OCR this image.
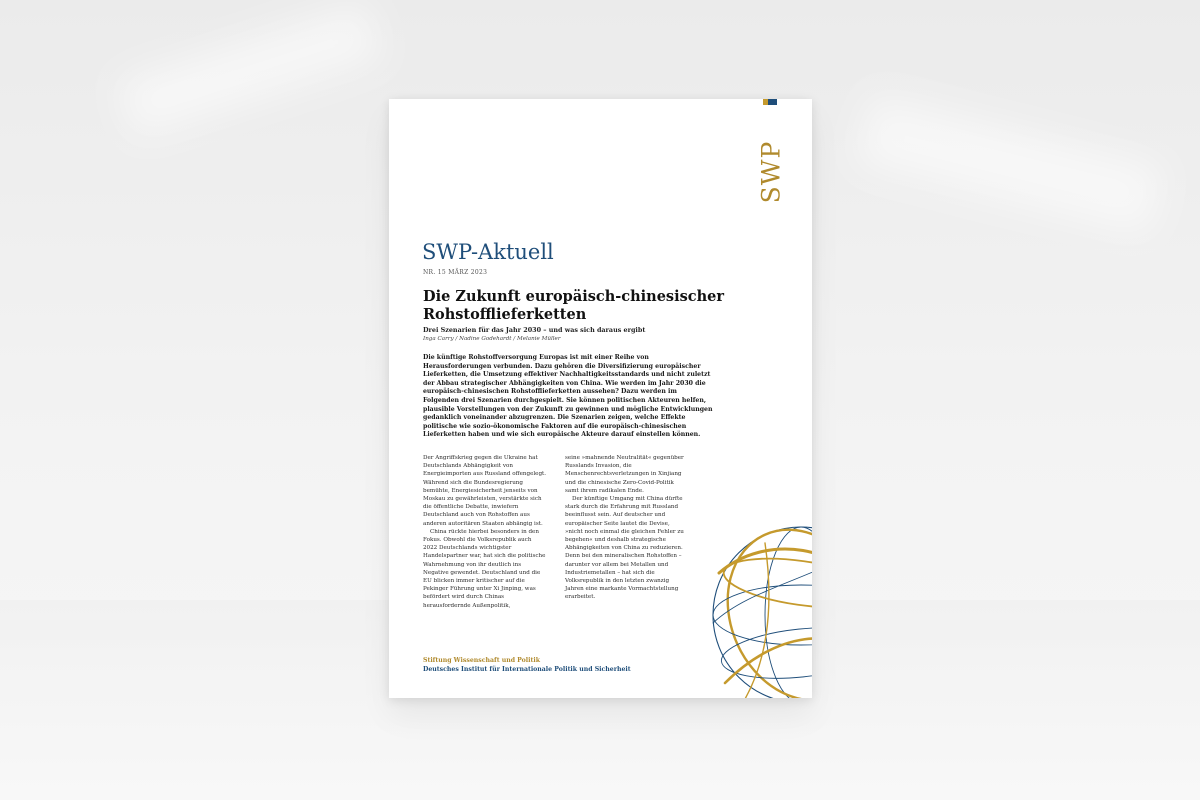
SWP
SWP-Aktuell
NR. 15 MÄRZ 2023
Die Zukunft europäisch-chinesischer Rohstofflieferketten
Drei Szenarien für das Jahr 2030 – und was sich daraus ergibt
Inga Carry / Nadine Godehardt / Melanie Müller

Die künftige Rohstoffversorgung Europas ist mit einer Reihe von Herausforderungen verbunden. Dazu gehören die Diversifizierung europäischer Lieferketten, die Umsetzung effektiver Nachhaltigkeitsstandards und nicht zuletzt der Abbau strategischer Abhängigkeiten von China. Wie werden im Jahr 2030 die europäisch-chinesischen Rohstofflieferketten aussehen? Dazu werden im Folgenden drei Szenarien durchgespielt. Sie können politischen Akteuren helfen, plausible Vorstellungen von der Zukunft zu gewinnen und mögliche Entwicklungen gedanklich voneinander abzugrenzen. Die Szenarien zeigen, welche Effekte politische wie sozio-ökonomische Faktoren auf die europäisch-chinesischen Lieferketten haben und wie sich europäische Akteure darauf einstellen können.

Der Angriffskrieg gegen die Ukraine hat Deutschlands Abhängigkeit von Energieimporten aus Russland offengelegt. Während sich die Bundesregierung bemühte, Energiesicherheit jenseits von Moskau zu gewährleisten, verstärkte sich die öffentliche Debatte, inwiefern Deutschland auch von Rohstoffen aus anderen autoritären Staaten abhängig ist.

China rückte hierbei besonders in den Fokus. Obwohl die Volksrepublik auch 2022 Deutschlands wichtigster Handelspartner war, hat sich die politische Wahrnehmung von ihr deutlich ins Negative gewendet. Deutschland und die EU blicken immer kritischer auf die Pekinger Führung unter Xi Jinping, was befördert wird durch Chinas herausfordernde Außenpolitik,

seine »mahnende Neutralität« gegenüber Russlands Invasion, die Menschenrechtsverletzungen in Xinjiang und die chinesische Zero-Covid-Politik samt ihrem radikalen Ende.

Der künftige Umgang mit China dürfte stark durch die Erfahrung mit Russland beeinflusst sein. Auf deutscher und europäischer Seite lautet die Devise, »nicht noch einmal die gleichen Fehler zu begehen« und deshalb strategische Abhängigkeiten von China zu reduzieren. Denn bei den mineralischen Rohstoffen – darunter vor allem bei Metallen und Industriemetallen – hat sich die Volksrepublik in den letzten zwanzig Jahren eine markante Vormachtstellung erarbeitet.

Stiftung Wissenschaft und Politik
Deutsches Institut für Internationale Politik und Sicherheit
